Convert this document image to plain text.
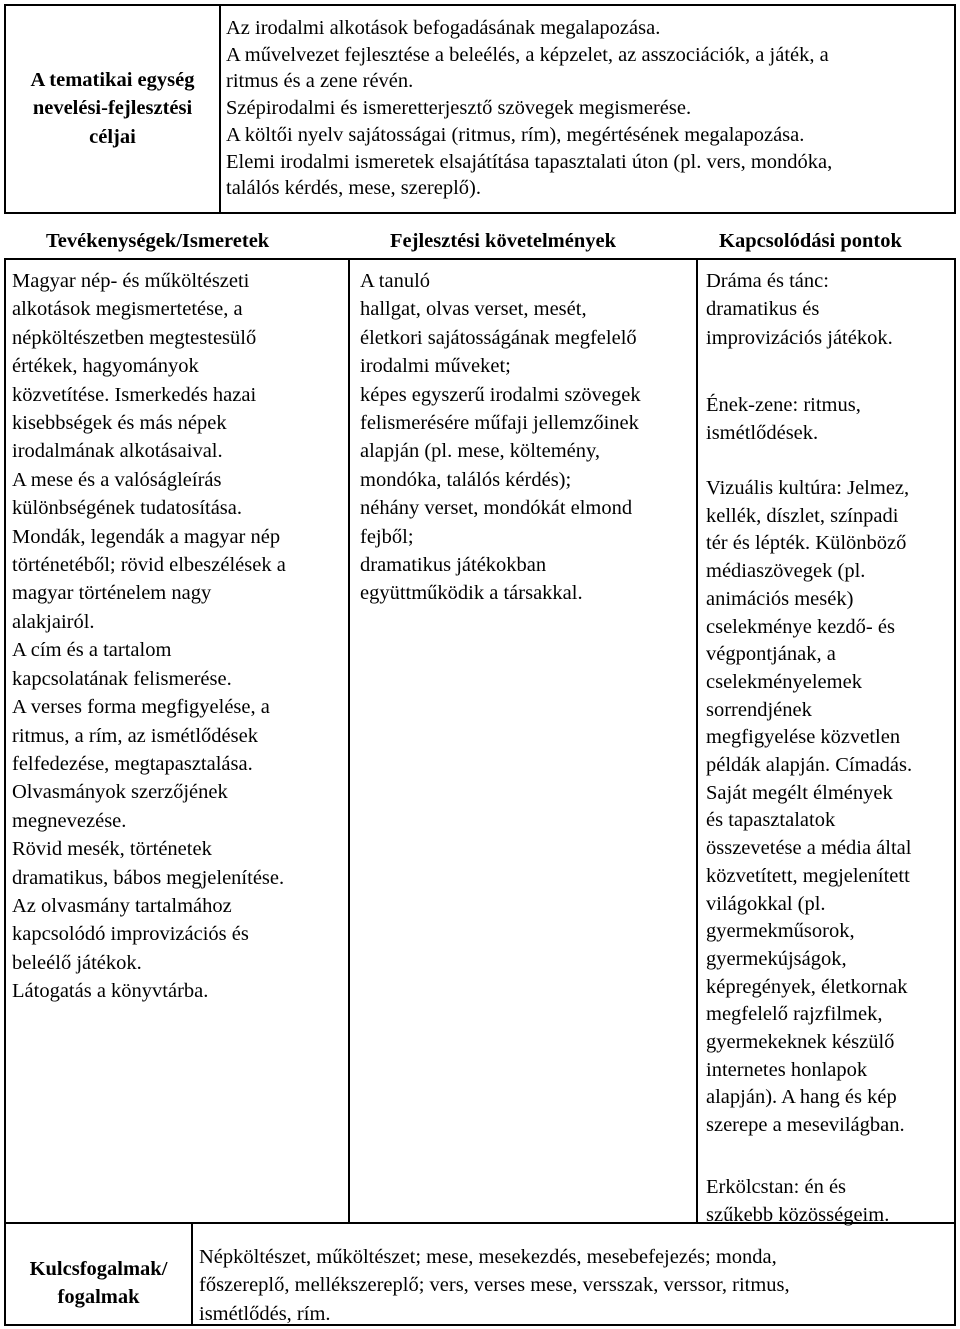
A tematikai egység
nevelési-fejlesztési
céljai
Az irodalmi alkotások befogadásának megalapozása.
A művelvezet fejlesztése a beleélés, a képzelet, az asszociációk, a játék, a
ritmus és a zene révén.
Szépirodalmi és ismeretterjesztő szövegek megismerése.
A költői nyelv sajátosságai (ritmus, rím), megértésének megalapozása.
Elemi irodalmi ismeretek elsajátítása tapasztalati úton (pl. vers, mondóka,
találós kérdés, mese, szereplő).
Tevékenységek/Ismeretek	Fejlesztési követelmények	Kapcsolódási pontok
Magyar nép- és műköltészeti
alkotások megismertetése, a
népköltészetben megtestesülő
értékek, hagyományok
közvetítése. Ismerkedés hazai
kisebbségek és más népek
irodalmának alkotásaival.
A mese és a valóságleírás
különbségének tudatosítása.
Mondák, legendák a magyar nép
történetéből; rövid elbeszélések a
magyar történelem nagy
alakjairól.
A cím és a tartalom
kapcsolatának felismerése.
A verses forma megfigyelése, a
ritmus, a rím, az ismétlődések
felfedezése, megtapasztalása.
Olvasmányok szerzőjének
megnevezése.
Rövid mesék, történetek
dramatikus, bábos megjelenítése.
Az olvasmány tartalmához
kapcsolódó improvizációs és
beleélő játékok.
Látogatás a könyvtárba.
A tanuló
hallgat, olvas verset, mesét,
életkori sajátosságának megfelelő
irodalmi műveket;
képes egyszerű irodalmi szövegek
felismerésére műfaji jellemzőinek
alapján (pl. mese, költemény,
mondóka, találós kérdés);
néhány verset, mondókát elmond
fejből;
dramatikus játékokban
együttműködik a társakkal.
Dráma és tánc:
dramatikus és
improvizációs játékok.
Ének-zene: ritmus,
ismétlődések.
Vizuális kultúra: Jelmez,
kellék, díszlet, színpadi
tér és lépték. Különböző
médiaszövegek (pl.
animációs mesék)
cselekménye kezdő- és
végpontjának, a
cselekményelemek
sorrendjének
megfigyelése közvetlen
példák alapján. Címadás.
Saját megélt élmények
és tapasztalatok
összevetése a média által
közvetített, megjelenített
világokkal (pl.
gyermekműsorok,
gyermekújságok,
képregények, életkornak
megfelelő rajzfilmek,
gyermekeknek készülő
internetes honlapok
alapján). A hang és kép
szerepe a mesevilágban.
Erkölcstan: én és
szűkebb közösségeim.
Kulcsfogalmak/
fogalmak
Népköltészet, műköltészet; mese, mesekezdés, mesebefejezés; monda,
főszereplő, mellékszereplő; vers, verses mese, versszak, verssor, ritmus,
ismétlődés, rím.
